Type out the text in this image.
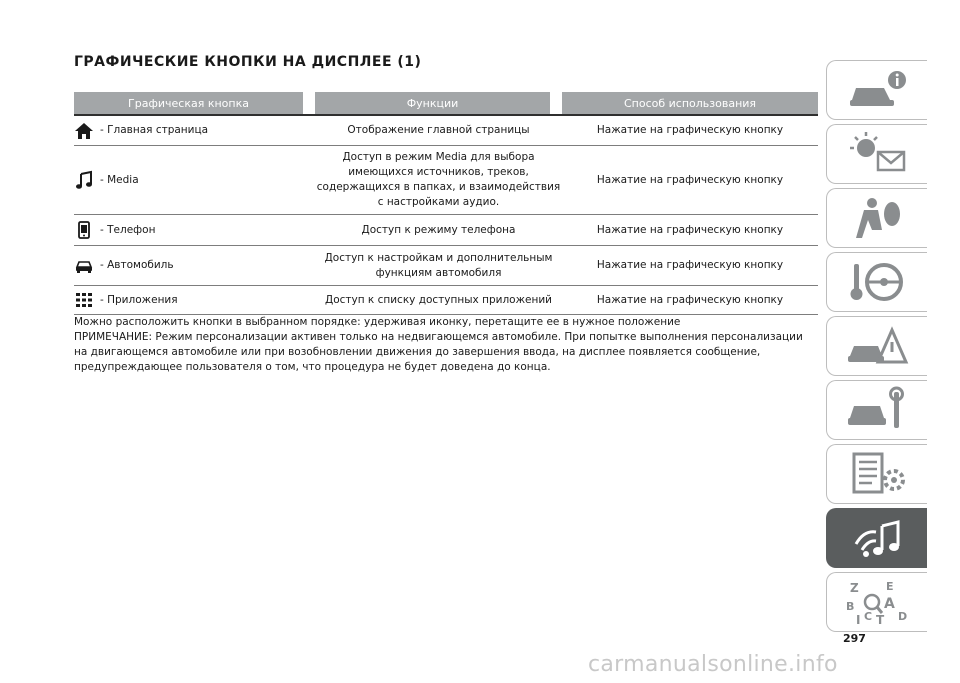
ГРАФИЧЕСКИЕ КНОПКИ НА ДИСПЛЕЕ (1)
Графическая кнопка	Функции	Способ использования

- Главная страница	Отображение главной страницы	Нажатие на графическую кнопку

- Media	Доступ в режим Media для выбора имеющихся источников, треков, содержащихся в папках, и взаимодействия с настройками аудио.	Нажатие на графическую кнопку

- Телефон	Доступ к режиму телефона	Нажатие на графическую кнопку

- Автомобиль	Доступ к настройкам и дополнительным функциям автомобиля	Нажатие на графическую кнопку

- Приложения	Доступ к списку доступных приложений	Нажатие на графическую кнопку

Можно расположить кнопки в выбранном порядке: удерживая иконку, перетащите ее в нужное положение

ПРИМЕЧАНИЕ: Режим персонализации активен только на недвигающемся автомобиле. При попытке выполнения персонализации на двигающемся автомобиле или при возобновлении движения до завершения ввода, на дисплее появляется сообщение, предупреждающее пользователя о том, что процедура не будет доведена до конца.

Z E
B A
I C T D
297
carmanualsonline.info
